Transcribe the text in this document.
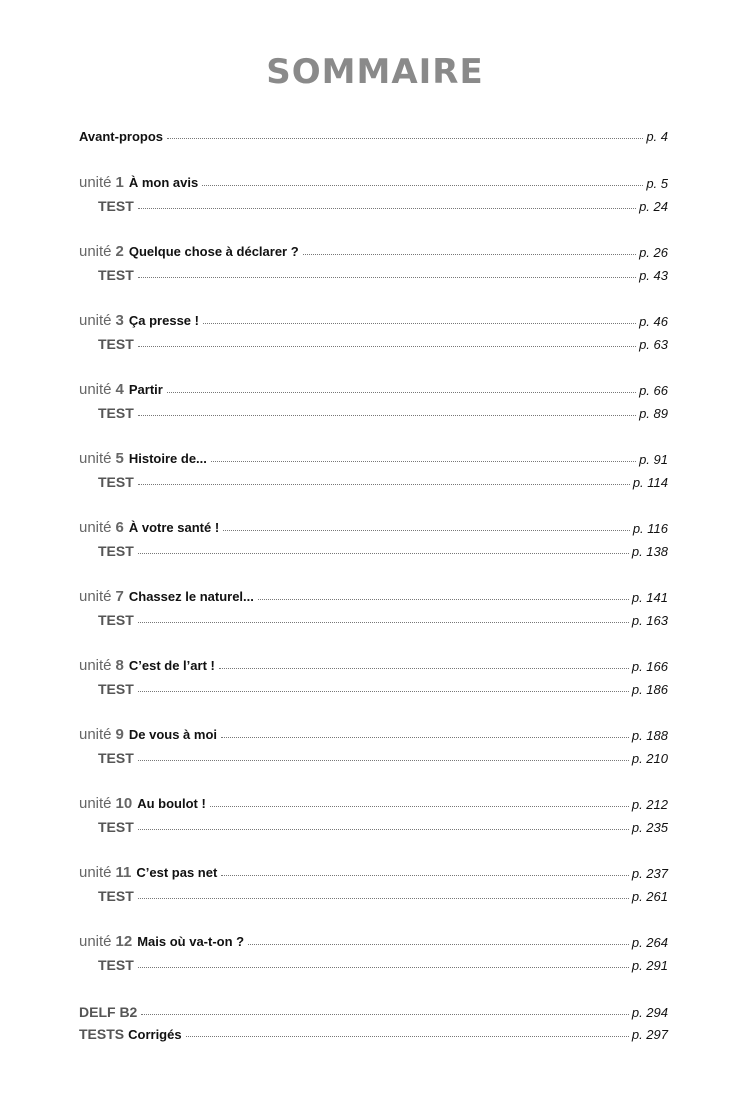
SOMMAIRE
Avant-propos	p. 4
unité 1 À mon avis	p. 5
TEST	p. 24
unité 2 Quelque chose à déclarer ?	p. 26
TEST	p. 43
unité 3 Ça presse !	p. 46
TEST	p. 63
unité 4 Partir	p. 66
TEST	p. 89
unité 5 Histoire de...	p. 91
TEST	p. 114
unité 6 À votre santé !	p. 116
TEST	p. 138
unité 7 Chassez le naturel...	p. 141
TEST	p. 163
unité 8 C’est de l’art !	p. 166
TEST	p. 186
unité 9 De vous à moi	p. 188
TEST	p. 210
unité 10 Au boulot !	p. 212
TEST	p. 235
unité 11 C’est pas net	p. 237
TEST	p. 261
unité 12 Mais où va-t-on ?	p. 264
TEST	p. 291
DELF B2	p. 294
TESTS Corrigés	p. 297
